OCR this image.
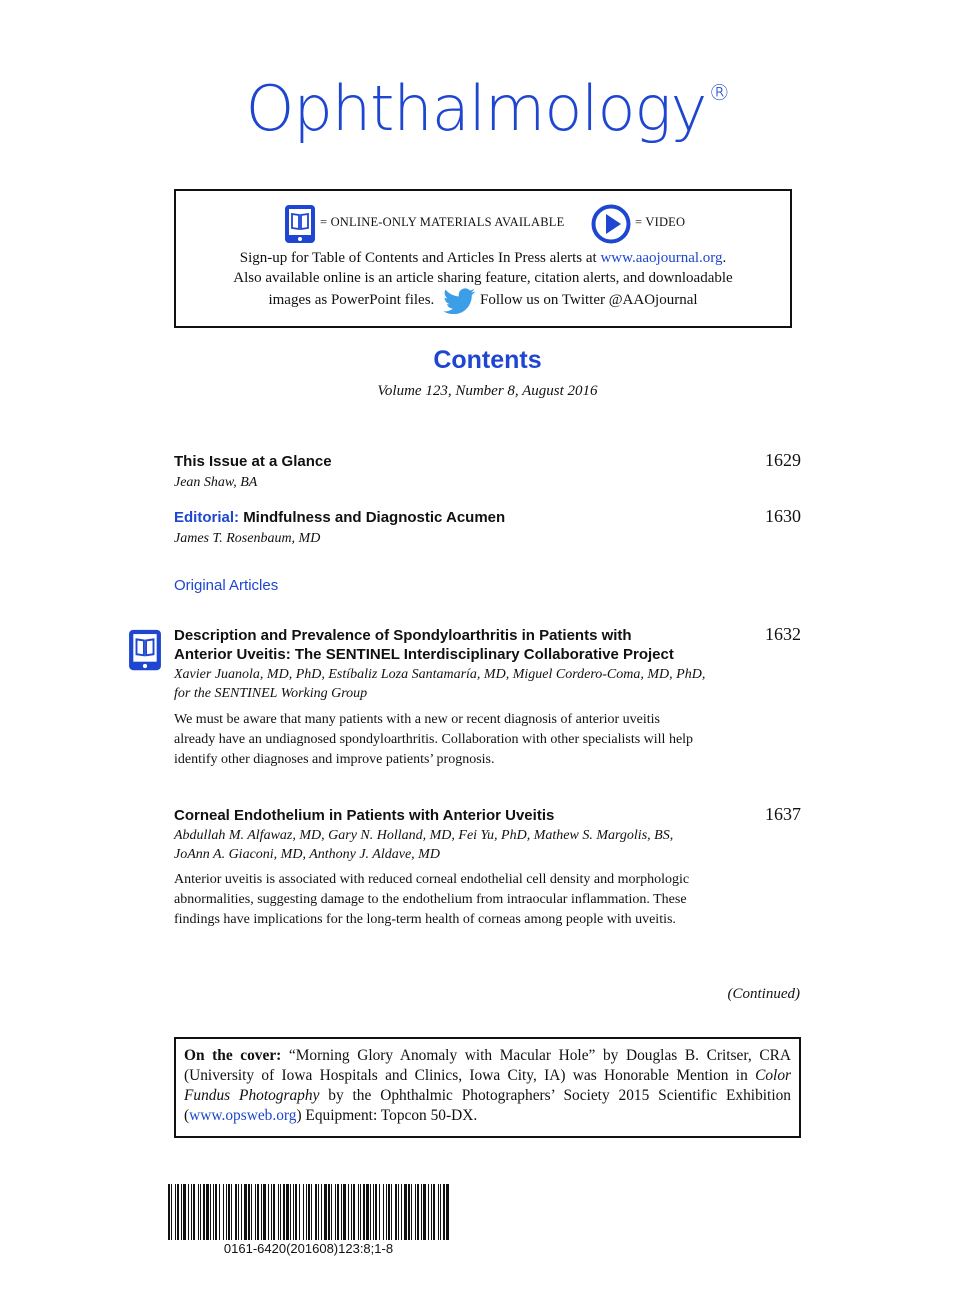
Ophthalmology®
= ONLINE-ONLY MATERIALS AVAILABLE	= VIDEO
Sign-up for Table of Contents and Articles In Press alerts at www.aaojournal.org.
Also available online is an article sharing feature, citation alerts, and downloadable
images as PowerPoint files.	Follow us on Twitter @AAOjournal
Contents
Volume 123, Number 8, August 2016
This Issue at a Glance
Jean Shaw, BA
1629
Editorial: Mindfulness and Diagnostic Acumen
James T. Rosenbaum, MD
1630
Original Articles
Description and Prevalence of Spondyloarthritis in Patients with
Anterior Uveitis: The SENTINEL Interdisciplinary Collaborative Project
Xavier Juanola, MD, PhD, Estíbaliz Loza Santamaría, MD, Miguel Cordero-Coma, MD, PhD,
for the SENTINEL Working Group
We must be aware that many patients with a new or recent diagnosis of anterior uveitis
already have an undiagnosed spondyloarthritis. Collaboration with other specialists will help
identify other diagnoses and improve patients’ prognosis.
1632
Corneal Endothelium in Patients with Anterior Uveitis
Abdullah M. Alfawaz, MD, Gary N. Holland, MD, Fei Yu, PhD, Mathew S. Margolis, BS,
JoAnn A. Giaconi, MD, Anthony J. Aldave, MD
Anterior uveitis is associated with reduced corneal endothelial cell density and morphologic
abnormalities, suggesting damage to the endothelium from intraocular inflammation. These
findings have implications for the long-term health of corneas among people with uveitis.
1637
(Continued)
On the cover: “Morning Glory Anomaly with Macular Hole” by Douglas B. Critser, CRA (University of Iowa Hospitals and Clinics, Iowa City, IA) was Honorable Mention in Color Fundus Photography by the Ophthalmic Photographers’ Society 2015 Scientific Exhibition (www.opsweb.org) Equipment: Topcon 50-DX.
0161-6420(201608)123:8;1-8
